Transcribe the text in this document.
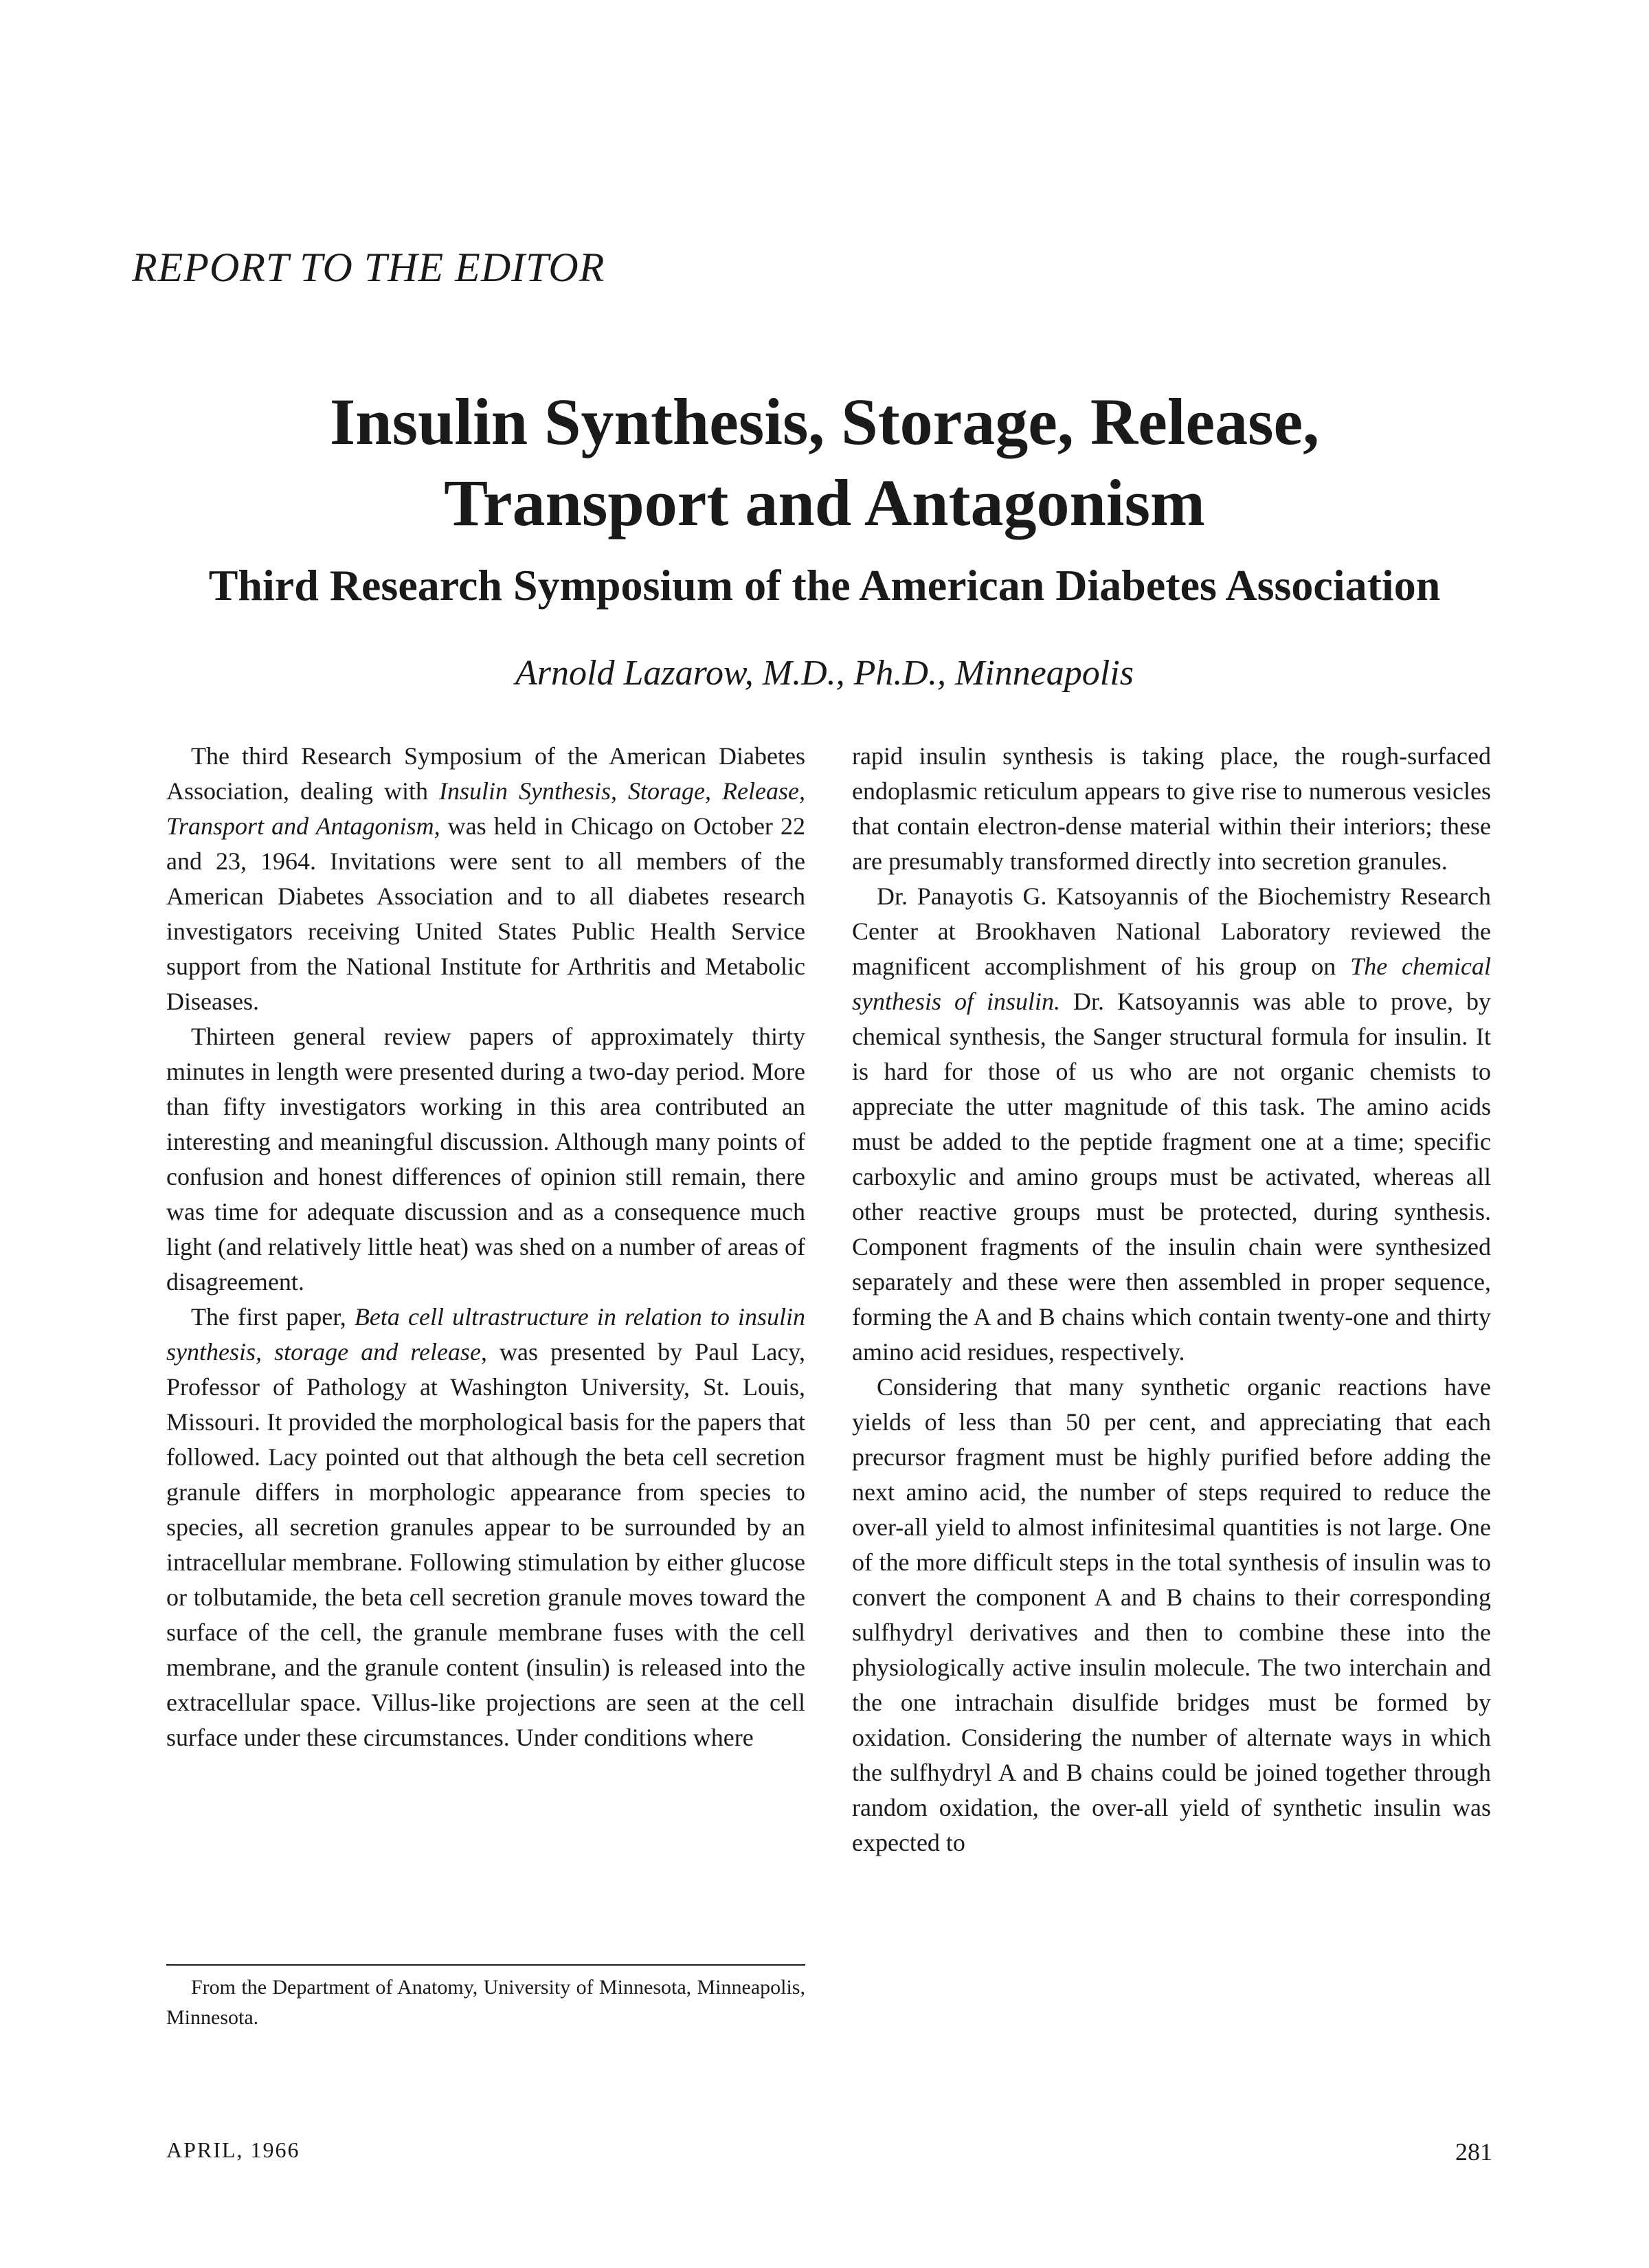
REPORT TO THE EDITOR
Insulin Synthesis, Storage, Release,
Transport and Antagonism
Third Research Symposium of the American Diabetes Association
Arnold Lazarow, M.D., Ph.D., Minneapolis

The third Research Symposium of the American Diabetes Association, dealing with Insulin Synthesis, Storage, Release, Transport and Antagonism, was held in Chicago on October 22 and 23, 1964. Invitations were sent to all members of the American Diabetes Association and to all diabetes research investigators receiving United States Public Health Service support from the National Institute for Arthritis and Metabolic Diseases.

Thirteen general review papers of approximately thirty minutes in length were presented during a two-day period. More than fifty investigators working in this area contributed an interesting and meaningful discussion. Although many points of confusion and honest differences of opinion still remain, there was time for adequate discussion and as a consequence much light (and relatively little heat) was shed on a number of areas of disagreement.

The first paper, Beta cell ultrastructure in relation to insulin synthesis, storage and release, was presented by Paul Lacy, Professor of Pathology at Washington University, St. Louis, Missouri. It provided the morphological basis for the papers that followed. Lacy pointed out that although the beta cell secretion granule differs in morphologic appearance from species to species, all secretion granules appear to be surrounded by an intracellular membrane. Following stimulation by either glucose or tolbutamide, the beta cell secretion granule moves toward the surface of the cell, the granule membrane fuses with the cell membrane, and the granule content (insulin) is released into the extracellular space. Villus-like projections are seen at the cell surface under these circumstances. Under conditions where

rapid insulin synthesis is taking place, the rough-surfaced endoplasmic reticulum appears to give rise to numerous vesicles that contain electron-dense material within their interiors; these are presumably transformed directly into secretion granules.

Dr. Panayotis G. Katsoyannis of the Biochemistry Research Center at Brookhaven National Laboratory reviewed the magnificent accomplishment of his group on The chemical synthesis of insulin. Dr. Katsoyannis was able to prove, by chemical synthesis, the Sanger structural formula for insulin. It is hard for those of us who are not organic chemists to appreciate the utter magnitude of this task. The amino acids must be added to the peptide fragment one at a time; specific carboxylic and amino groups must be activated, whereas all other reactive groups must be protected, during synthesis. Component fragments of the insulin chain were synthesized separately and these were then assembled in proper sequence, forming the A and B chains which contain twenty-one and thirty amino acid residues, respectively.

Considering that many synthetic organic reactions have yields of less than 50 per cent, and appreciating that each precursor fragment must be highly purified before adding the next amino acid, the number of steps required to reduce the over-all yield to almost infinitesimal quantities is not large. One of the more difficult steps in the total synthesis of insulin was to convert the component A and B chains to their corresponding sulfhydryl derivatives and then to combine these into the physiologically active insulin molecule. The two interchain and the one intrachain disulfide bridges must be formed by oxidation. Considering the number of alternate ways in which the sulfhydryl A and B chains could be joined together through random oxidation, the over-all yield of synthetic insulin was expected to

From the Department of Anatomy, University of Minnesota, Minneapolis, Minnesota.

APRIL, 1966	281
